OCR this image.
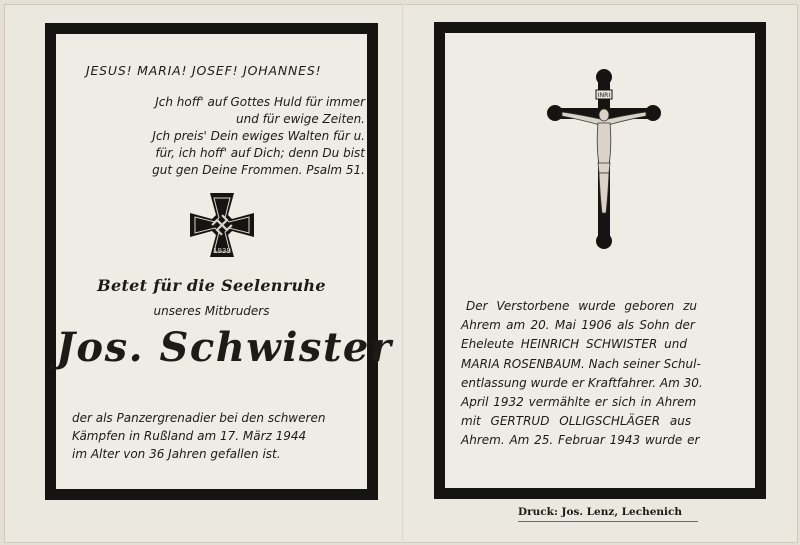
JESUS! MARIA! JOSEF! JOHANNES!
Jch hoff' auf Gottes Huld für immer
und für ewige Zeiten.
Jch preis' Dein ewiges Walten für u.
für, ich hoff' auf Dich; denn Du bist
gut gen Deine Frommen. Psalm 51.
1939
Betet für die Seelenruhe
unseres Mitbruders
Jos. Schwister
der als Panzergrenadier bei den schweren
Kämpfen in Rußland am 17. März 1944
im Alter von 36 Jahren gefallen ist.
INRI
Der Verstorbene wurde geboren zu
Ahrem am 20. Mai 1906 als Sohn der
Eheleute HEINRICH SCHWISTER und
MARIA ROSENBAUM. Nach seiner Schul-
entlassung wurde er Kraftfahrer. Am 30.
April 1932 vermählte er sich in Ahrem
mit GERTRUD OLLIGSCHLÄGER aus
Ahrem. Am 25. Februar 1943 wurde er
Druck: Jos. Lenz, Lechenich
